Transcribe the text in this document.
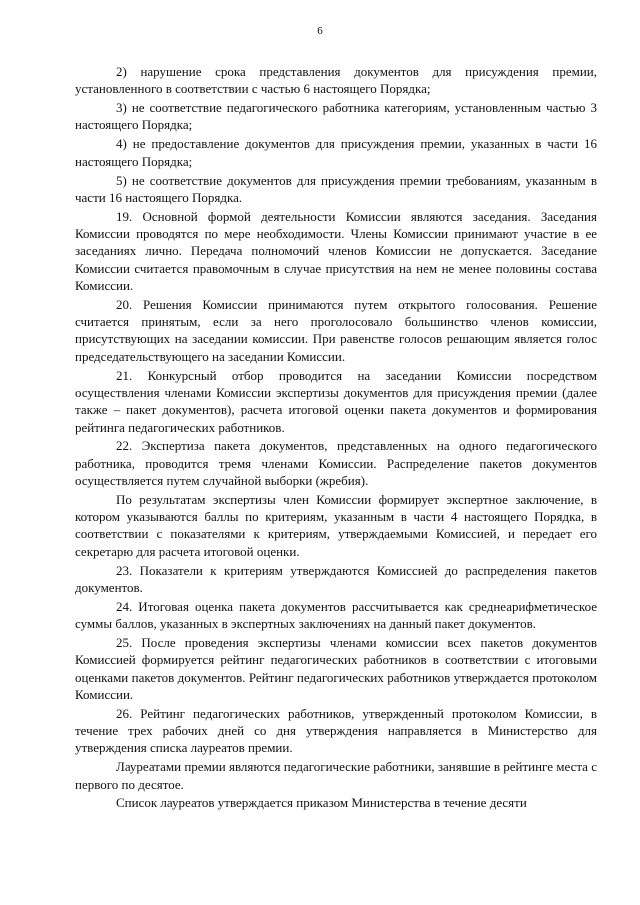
6

2) нарушение срока представления документов для присуждения премии, установленного в соответствии с частью 6 настоящего Порядка;

3) не соответствие педагогического работника категориям, установленным частью 3 настоящего Порядка;

4) не предоставление документов для присуждения премии, указанных в части 16 настоящего Порядка;

5) не соответствие документов для присуждения премии требованиям, указанным в части 16 настоящего Порядка.

19. Основной формой деятельности Комиссии являются заседания. Заседания Комиссии проводятся по мере необходимости. Члены Комиссии принимают участие в ее заседаниях лично. Передача полномочий членов Комиссии не допускается. Заседание Комиссии считается правомочным в случае присутствия на нем не менее половины состава Комиссии.

20. Решения Комиссии принимаются путем открытого голосования. Решение считается принятым, если за него проголосовало большинство членов комиссии, присутствующих на заседании комиссии. При равенстве голосов решающим является голос председательствующего на заседании Комиссии.

21. Конкурсный отбор проводится на заседании Комиссии посредством осуществления членами Комиссии экспертизы документов для присуждения премии (далее также – пакет документов), расчета итоговой оценки пакета документов и формирования рейтинга педагогических работников.

22. Экспертиза пакета документов, представленных на одного педагогического работника, проводится тремя членами Комиссии. Распределение пакетов документов осуществляется путем случайной выборки (жребия).

По результатам экспертизы член Комиссии формирует экспертное заключение, в котором указываются баллы по критериям, указанным в части 4 настоящего Порядка, в соответствии с показателями к критериям, утверждаемыми Комиссией, и передает его секретарю для расчета итоговой оценки.

23. Показатели к критериям утверждаются Комиссией до распределения пакетов документов.

24. Итоговая оценка пакета документов рассчитывается как среднеарифметическое суммы баллов, указанных в экспертных заключениях на данный пакет документов.

25. После проведения экспертизы членами комиссии всех пакетов документов Комиссией формируется рейтинг педагогических работников в соответствии с итоговыми оценками пакетов документов. Рейтинг педагогических работников утверждается протоколом Комиссии.

26. Рейтинг педагогических работников, утвержденный протоколом Комиссии, в течение трех рабочих дней со дня утверждения направляется в Министерство для утверждения списка лауреатов премии.

Лауреатами премии являются педагогические работники, занявшие в рейтинге места с первого по десятое.

Список лауреатов утверждается приказом Министерства в течение десяти
